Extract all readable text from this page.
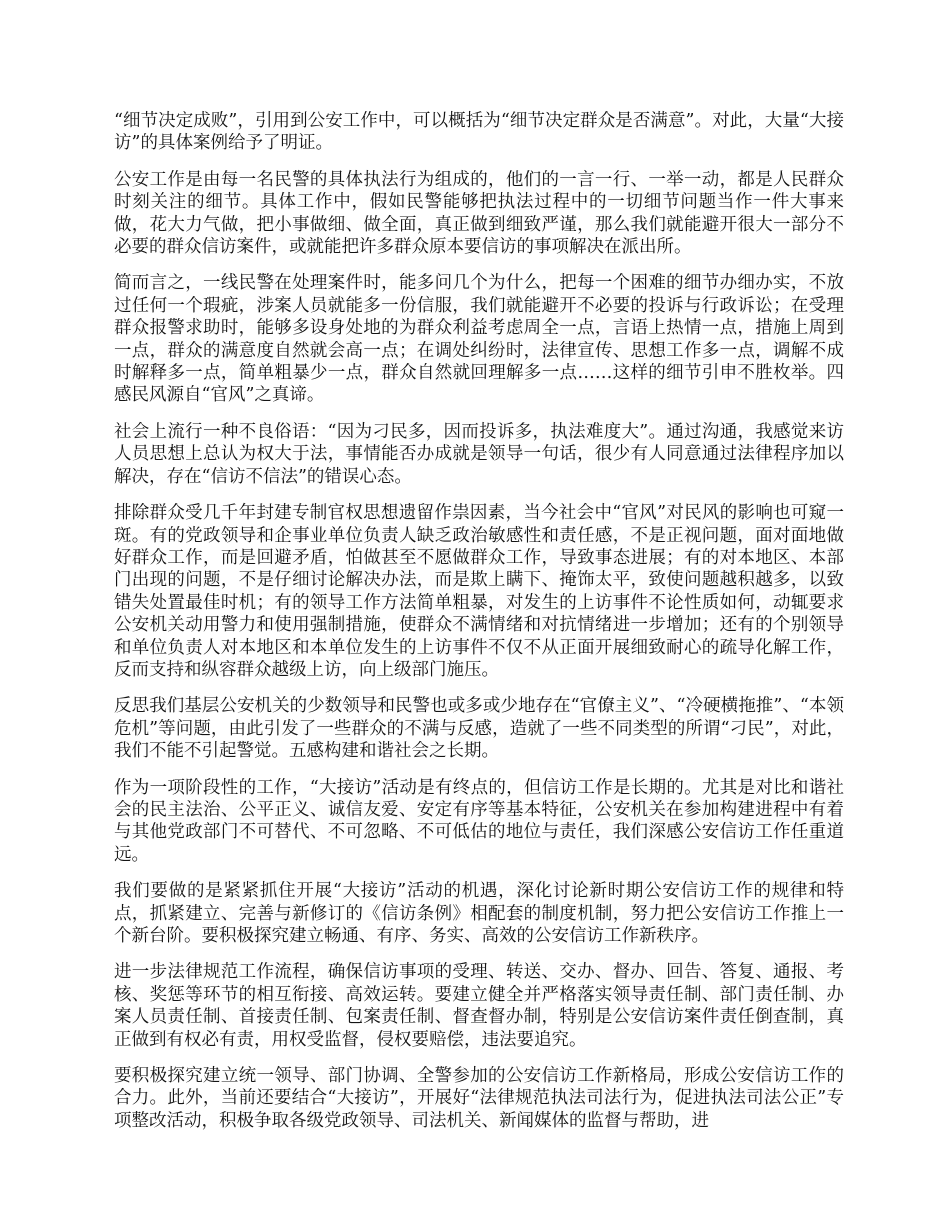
“细节决定成败”，引用到公安工作中，可以概括为“细节决定群众是否满意”。对此，大量“大接访”的具体案例给予了明证。

公安工作是由每一名民警的具体执法行为组成的，他们的一言一行、一举一动，都是人民群众时刻关注的细节。具体工作中，假如民警能够把执法过程中的一切细节问题当作一件大事来做，花大力气做，把小事做细、做全面，真正做到细致严谨，那么我们就能避开很大一部分不必要的群众信访案件，或就能把许多群众原本要信访的事项解决在派出所。

简而言之，一线民警在处理案件时，能多问几个为什么，把每一个困难的细节办细办实，不放过任何一个瑕疵，涉案人员就能多一份信服，我们就能避开不必要的投诉与行政诉讼；在受理群众报警求助时，能够多设身处地的为群众利益考虑周全一点，言语上热情一点，措施上周到一点，群众的满意度自然就会高一点；在调处纠纷时，法律宣传、思想工作多一点，调解不成时解释多一点，简单粗暴少一点，群众自然就回理解多一点……这样的细节引申不胜枚举。四感民风源自“官风”之真谛。

社会上流行一种不良俗语：“因为刁民多，因而投诉多，执法难度大”。通过沟通，我感觉来访人员思想上总认为权大于法，事情能否办成就是领导一句话，很少有人同意通过法律程序加以解决，存在“信访不信法”的错误心态。

排除群众受几千年封建专制官权思想遗留作祟因素，当今社会中“官风”对民风的影响也可窥一斑。有的党政领导和企事业单位负责人缺乏政治敏感性和责任感，不是正视问题，面对面地做好群众工作，而是回避矛盾，怕做甚至不愿做群众工作，导致事态进展；有的对本地区、本部门出现的问题，不是仔细讨论解决办法，而是欺上瞒下、掩饰太平，致使问题越积越多，以致错失处置最佳时机；有的领导工作方法简单粗暴，对发生的上访事件不论性质如何，动辄要求公安机关动用警力和使用强制措施，使群众不满情绪和对抗情绪进一步增加；还有的个别领导和单位负责人对本地区和本单位发生的上访事件不仅不从正面开展细致耐心的疏导化解工作，反而支持和纵容群众越级上访，向上级部门施压。

反思我们基层公安机关的少数领导和民警也或多或少地存在“官僚主义”、“冷硬横拖推”、“本领危机”等问题，由此引发了一些群众的不满与反感，造就了一些不同类型的所谓“刁民”，对此，我们不能不引起警觉。五感构建和谐社会之长期。

作为一项阶段性的工作，“大接访”活动是有终点的，但信访工作是长期的。尤其是对比和谐社会的民主法治、公平正义、诚信友爱、安定有序等基本特征，公安机关在参加构建进程中有着与其他党政部门不可替代、不可忽略、不可低估的地位与责任，我们深感公安信访工作任重道远。

我们要做的是紧紧抓住开展“大接访”活动的机遇，深化讨论新时期公安信访工作的规律和特点，抓紧建立、完善与新修订的《信访条例》相配套的制度机制，努力把公安信访工作推上一个新台阶。要积极探究建立畅通、有序、务实、高效的公安信访工作新秩序。

进一步法律规范工作流程，确保信访事项的受理、转送、交办、督办、回告、答复、通报、考核、奖惩等环节的相互衔接、高效运转。要建立健全并严格落实领导责任制、部门责任制、办案人员责任制、首接责任制、包案责任制、督查督办制，特别是公安信访案件责任倒查制，真正做到有权必有责，用权受监督，侵权要赔偿，违法要追究。

要积极探究建立统一领导、部门协调、全警参加的公安信访工作新格局，形成公安信访工作的合力。此外，当前还要结合“大接访”，开展好“法律规范执法司法行为，促进执法司法公正”专项整改活动，积极争取各级党政领导、司法机关、新闻媒体的监督与帮助，进
